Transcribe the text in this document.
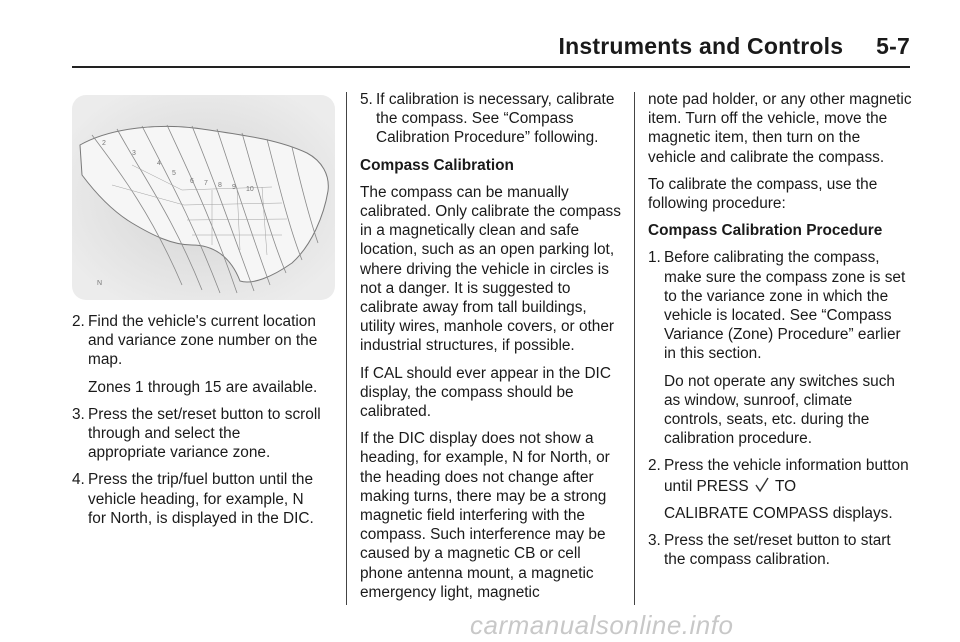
Instruments and Controls     5-7
6 7 8 9 10
3
4
5
2
N
2. Find the vehicle's current location and variance zone number on the map.

Zones 1 through 15 are available.

3. Press the set/reset button to scroll through and select the appropriate variance zone.

4. Press the trip/fuel button until the vehicle heading, for example, N for North, is displayed in the DIC.

5. If calibration is necessary, calibrate the compass. See “Compass Calibration Procedure” following.

Compass Calibration

The compass can be manually calibrated. Only calibrate the compass in a magnetically clean and safe location, such as an open parking lot, where driving the vehicle in circles is not a danger. It is suggested to calibrate away from tall buildings, utility wires, manhole covers, or other industrial structures, if possible.

If CAL should ever appear in the DIC display, the compass should be calibrated.

If the DIC display does not show a heading, for example, N for North, or the heading does not change after making turns, there may be a strong magnetic field interfering with the compass. Such interference may be caused by a magnetic CB or cell phone antenna mount, a magnetic emergency light, magnetic

note pad holder, or any other magnetic item. Turn off the vehicle, move the magnetic item, then turn on the vehicle and calibrate the compass.

To calibrate the compass, use the following procedure:

Compass Calibration Procedure

1. Before calibrating the compass, make sure the compass zone is set to the variance zone in which the vehicle is located. See “Compass Variance (Zone) Procedure” earlier in this section.

Do not operate any switches such as window, sunroof, climate controls, seats, etc. during the calibration procedure.

2. Press the vehicle information button until PRESS TO

CALIBRATE COMPASS displays.

3. Press the set/reset button to start the compass calibration.

carmanualsonline.info
